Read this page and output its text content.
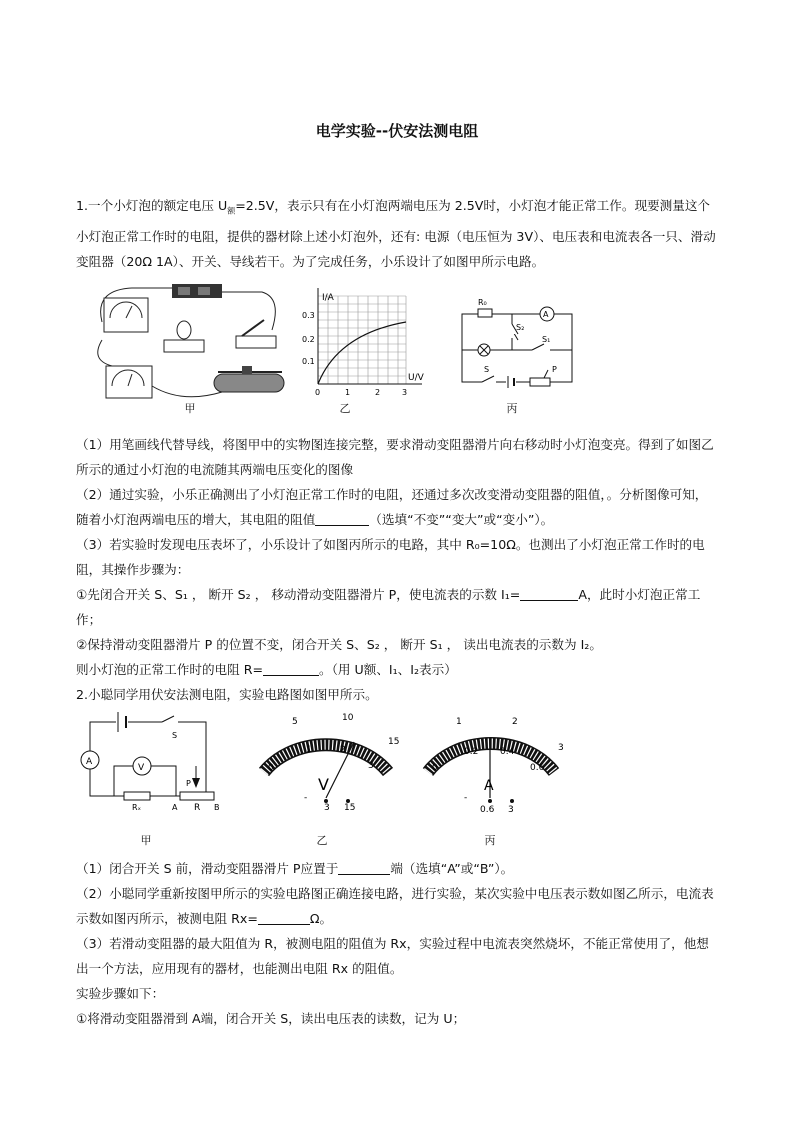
电学实验--伏安法测电阻
1.一个小灯泡的额定电压 $U_额=2.5V$，表示只有在小灯泡两端电压为 2.5V时，小灯泡才能正常工作。现要测量这个小灯泡正常工作时的电阻，提供的器材除上述小灯泡外，还有: 电源（电压恒为 3V）、电压表和电流表各一只、滑动变阻器（20Ω 1A）、开关、导线若干。为了完成任务，小乐设计了如图甲所示电路。
甲
I/A
U/V
0.3
0.2
0.1
0	1	2	3
乙
A
R₀
S₂
S₁
S	P
丙
（1）用笔画线代替导线，将图甲中的实物图连接完整，要求滑动变阻器滑片向右移动时小灯泡变亮。得到了如图乙所示的通过小灯泡的电流随其两端电压变化的图像
（2）通过实验，小乐正确测出了小灯泡正常工作时的电阻，还通过多次改变滑动变阻器的阻值，。分析图像可知，随着小灯泡两端电压的增大，其电阻的阻值	（选填“不变”“变大”或“变小”）。
（3）若实验时发现电压表坏了，小乐设计了如图丙所示的电路，其中 R₀=10Ω。也测出了小灯泡正常工作时的电阻，其操作步骤为：
①先闭合开关 S、S₁ ， 断开 S₂ ， 移动滑动变阻器滑片 P，使电流表的示数 I₁=	A，此时小灯泡正常工作；
②保持滑动变阻器滑片 P 的位置不变，闭合开关 S、S₂ ， 断开 S₁ ， 读出电流表的示数为 I₂。
则小灯泡的正常工作时的电阻 R=	。（用 U额、I₁、I₂表示）
2.小聪同学用伏安法测电阻，实验电路图如图甲所示。
A
V
S
P
Rₓ	A R B
甲
5	10
15
0
1	2
3
V
-
3 15
乙
1	2
3
0
0.2 0.4
0.6
A
-
0.6 3
丙
（1）闭合开关 S 前，滑动变阻器滑片 P应置于	端（选填“A”或“B”）。
（2）小聪同学重新按图甲所示的实验电路图正确连接电路，进行实验，某次实验中电压表示数如图乙所示，电流表示数如图丙所示，被测电阻 Rx=	Ω。
（3）若滑动变阻器的最大阻值为 R，被测电阻的阻值为 Rx，实验过程中电流表突然烧坏，不能正常使用了，他想出一个方法，应用现有的器材，也能测出电阻 Rx 的阻值。
实验步骤如下：
①将滑动变阻器滑到 A端，闭合开关 S，读出电压表的读数，记为 U；
